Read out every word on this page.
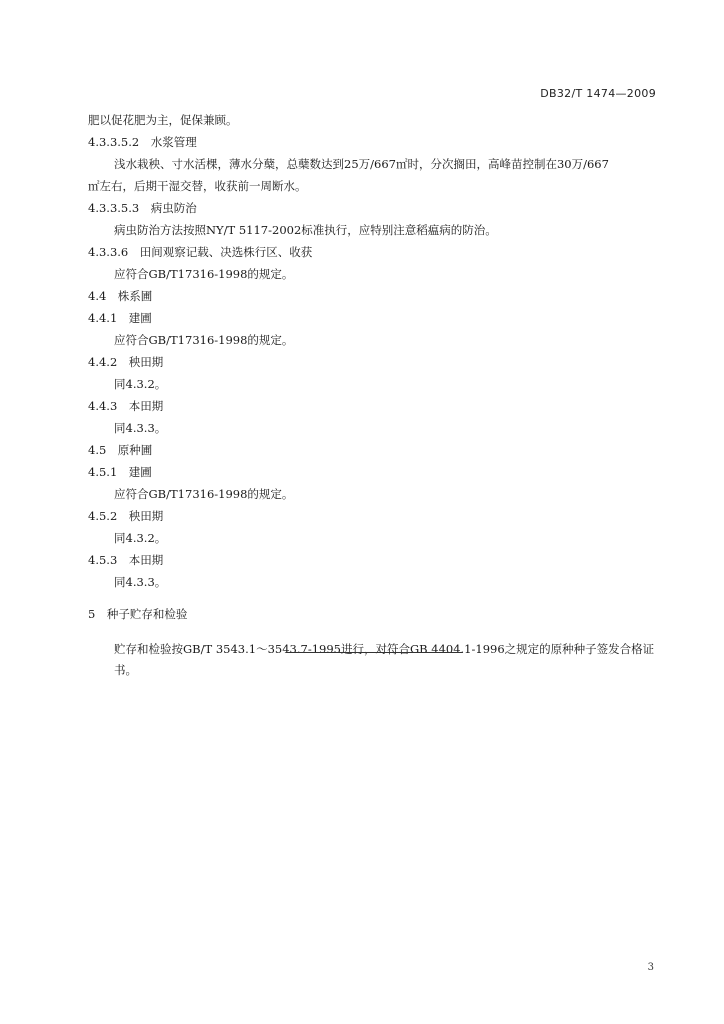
DB32/T 1474—2009
肥以促花肥为主，促保兼顾。
4.3.3.5.2　水浆管理
浅水栽秧、寸水活棵，薄水分蘖，总蘖数达到25万/667㎡时，分次搁田，高峰苗控制在30万/667
㎡左右，后期干湿交替，收获前一周断水。
4.3.3.5.3　病虫防治
病虫防治方法按照NY/T 5117-2002标准执行，应特别注意稻瘟病的防治。
4.3.3.6　田间观察记载、决选株行区、收获
应符合GB/T17316-1998的规定。
4.4　株系圃
4.4.1　建圃
应符合GB/T17316-1998的规定。
4.4.2　秧田期
同4.3.2。
4.4.3　本田期
同4.3.3。
4.5　原种圃
4.5.1　建圃
应符合GB/T17316-1998的规定。
4.5.2　秧田期
同4.3.2。
4.5.3　本田期
同4.3.3。
5　种子贮存和检验
贮存和检验按GB/T 3543.1～3543.7-1995进行，对符合GB 4404.1-1996之规定的原种种子签发合格证书。
3
